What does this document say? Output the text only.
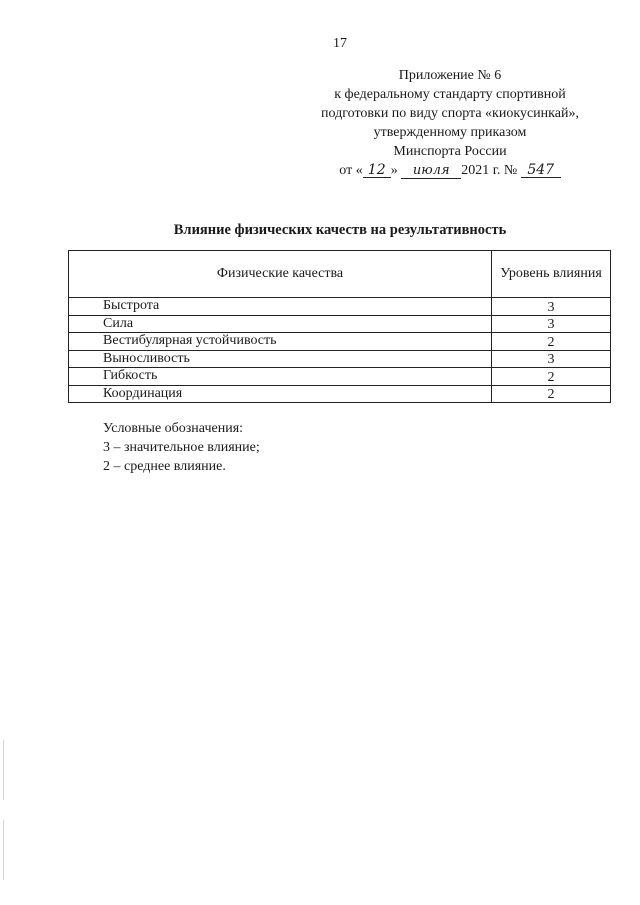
17
Приложение № 6
к федеральному стандарту спортивной
подготовки по виду спорта «киокусинкай»,
утвержденному приказом
Минспорта России
от « 12 » июля 2021 г. № 547
Влияние физических качеств на результативность
Физические качества	Уровень влияния
Быстрота	3
Сила	3
Вестибулярная устойчивость	2
Выносливость	3
Гибкость	2
Координация	2
Условные обозначения:
3 – значительное влияние;
2 – среднее влияние.
